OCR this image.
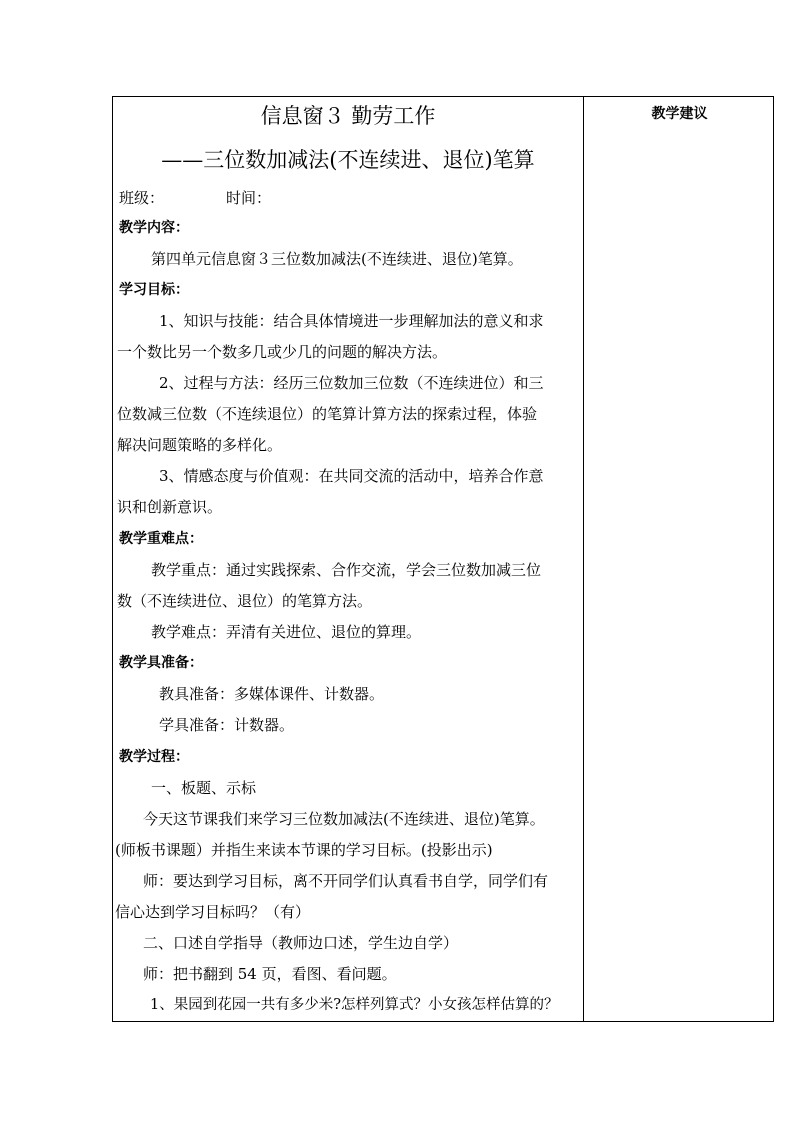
信息窗３ 勤劳工作
——三位数加减法(不连续进、退位)笔算
班级：	时间：
教学内容：
第四单元信息窗３三位数加减法(不连续进、退位)笔算。
学习目标：
1、知识与技能：结合具体情境进一步理解加法的意义和求
一个数比另一个数多几或少几的问题的解决方法。
2、过程与方法：经历三位数加三位数（不连续进位）和三
位数减三位数（不连续退位）的笔算计算方法的探索过程，体验
解决问题策略的多样化。
3、情感态度与价值观：在共同交流的活动中，培养合作意
识和创新意识。
教学重难点：
教学重点：通过实践探索、合作交流，学会三位数加减三位
数（不连续进位、退位）的笔算方法。
教学难点：弄清有关进位、退位的算理。
教学具准备：
教具准备：多媒体课件、计数器。
学具准备：计数器。
教学过程：
一、板题、示标
今天这节课我们来学习三位数加减法(不连续进、退位)笔算。
(师板书课题）并指生来读本节课的学习目标。(投影出示)
师：要达到学习目标，离不开同学们认真看书自学，同学们有
信心达到学习目标吗？（有）
二、口述自学指导（教师边口述，学生边自学）
师：把书翻到 54 页，看图、看问题。
1、果园到花园一共有多少米?怎样列算式？小女孩怎样估算的？
教学建议
